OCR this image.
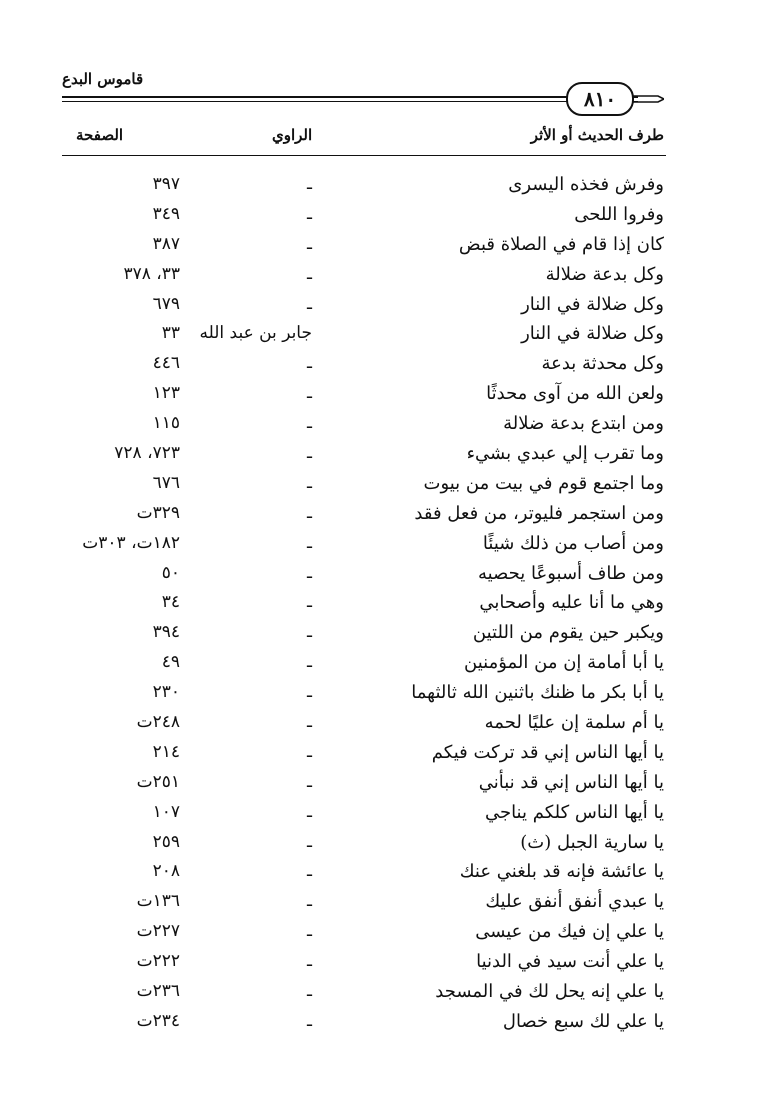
قاموس البدع
٨١٠
طرف الحديث أو الأثر
الراوي
الصفحة
وفرش فخذه اليسرى
ـ
٣٩٧
وفروا اللحى
ـ
٣٤٩
كان إذا قام في الصلاة قبض
ـ
٣٨٧
وكل بدعة ضلالة
ـ
٣٣، ٣٧٨
وكل ضلالة في النار
ـ
٦٧٩
وكل ضلالة في النار
جابر بن عبد الله
٣٣
وكل محدثة بدعة
ـ
٤٤٦
ولعن الله من آوى محدثًا
ـ
١٢٣
ومن ابتدع بدعة ضلالة
ـ
١١٥
وما تقرب إلي عبدي بشيء
ـ
٧٢٣، ٧٢٨
وما اجتمع قوم في بيت من بيوت
ـ
٦٧٦
ومن استجمر فليوتر، من فعل فقد
ـ
٣٢٩ت
ومن أصاب من ذلك شيئًا
ـ
١٨٢ت، ٣٠٣ت
ومن طاف أسبوعًا يحصيه
ـ
٥٠
وهي ما أنا عليه وأصحابي
ـ
٣٤
ويكبر حين يقوم من اللتين
ـ
٣٩٤
يا أبا أمامة إن من المؤمنين
ـ
٤٩
يا أبا بكر ما ظنك باثنين الله ثالثهما
ـ
٢٣٠
يا أم سلمة إن عليًا لحمه
ـ
٢٤٨ت
يا أيها الناس إني قد تركت فيكم
ـ
٢١٤
يا أيها الناس إني قد نبأني
ـ
٢٥١ت
يا أيها الناس كلكم يناجي
ـ
١٠٧
يا سارية الجبل (ث)
ـ
٢٥٩
يا عائشة فإنه قد بلغني عنك
ـ
٢٠٨
يا عبدي أنفق أنفق عليك
ـ
١٣٦ت
يا علي إن فيك من عيسى
ـ
٢٢٧ت
يا علي أنت سيد في الدنيا
ـ
٢٢٢ت
يا علي إنه يحل لك في المسجد
ـ
٢٣٦ت
يا علي لك سبع خصال
ـ
٢٣٤ت
